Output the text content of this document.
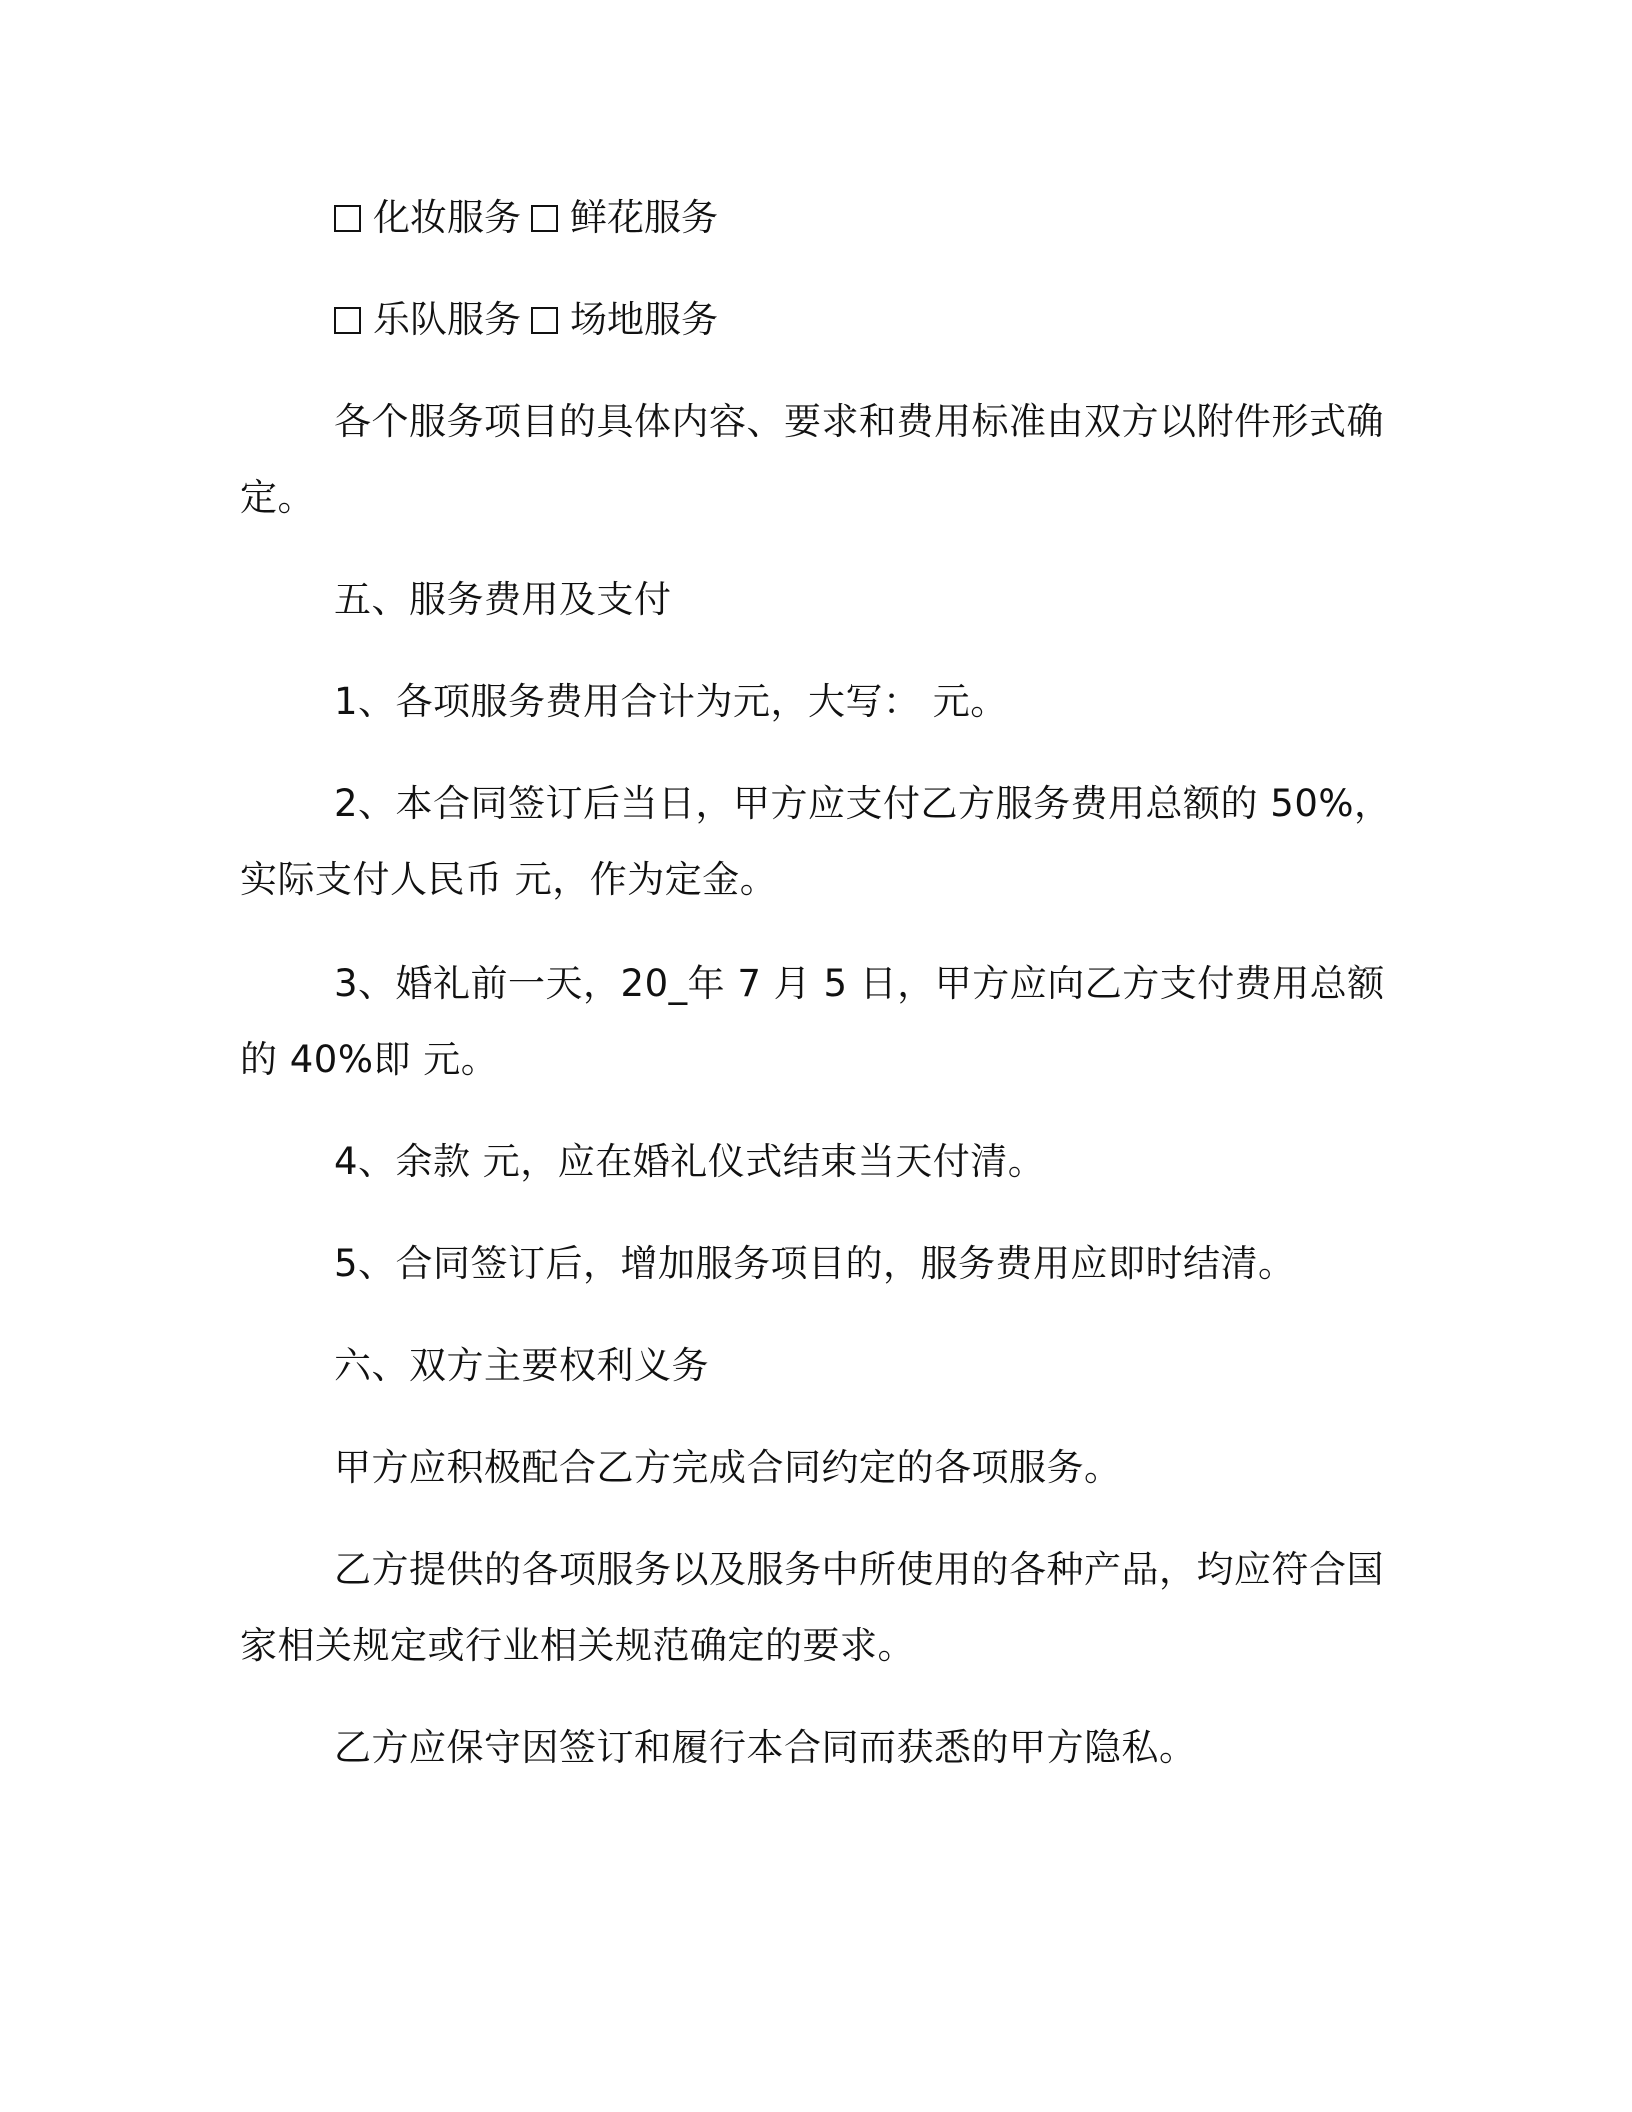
化妆服务 鲜花服务
乐队服务 场地服务
各个服务项目的具体内容、要求和费用标准由双方以附件形式确
定。
五、服务费用及支付
1、各项服务费用合计为元，大写： 元。
2、本合同签订后当日，甲方应支付乙方服务费用总额的 50%，
实际支付人民币 元，作为定金。
3、婚礼前一天，20_年 7 月 5 日，甲方应向乙方支付费用总额
的 40%即 元。
4、余款 元，应在婚礼仪式结束当天付清。
5、合同签订后，增加服务项目的，服务费用应即时结清。
六、双方主要权利义务
甲方应积极配合乙方完成合同约定的各项服务。
乙方提供的各项服务以及服务中所使用的各种产品，均应符合国
家相关规定或行业相关规范确定的要求。
乙方应保守因签订和履行本合同而获悉的甲方隐私。
